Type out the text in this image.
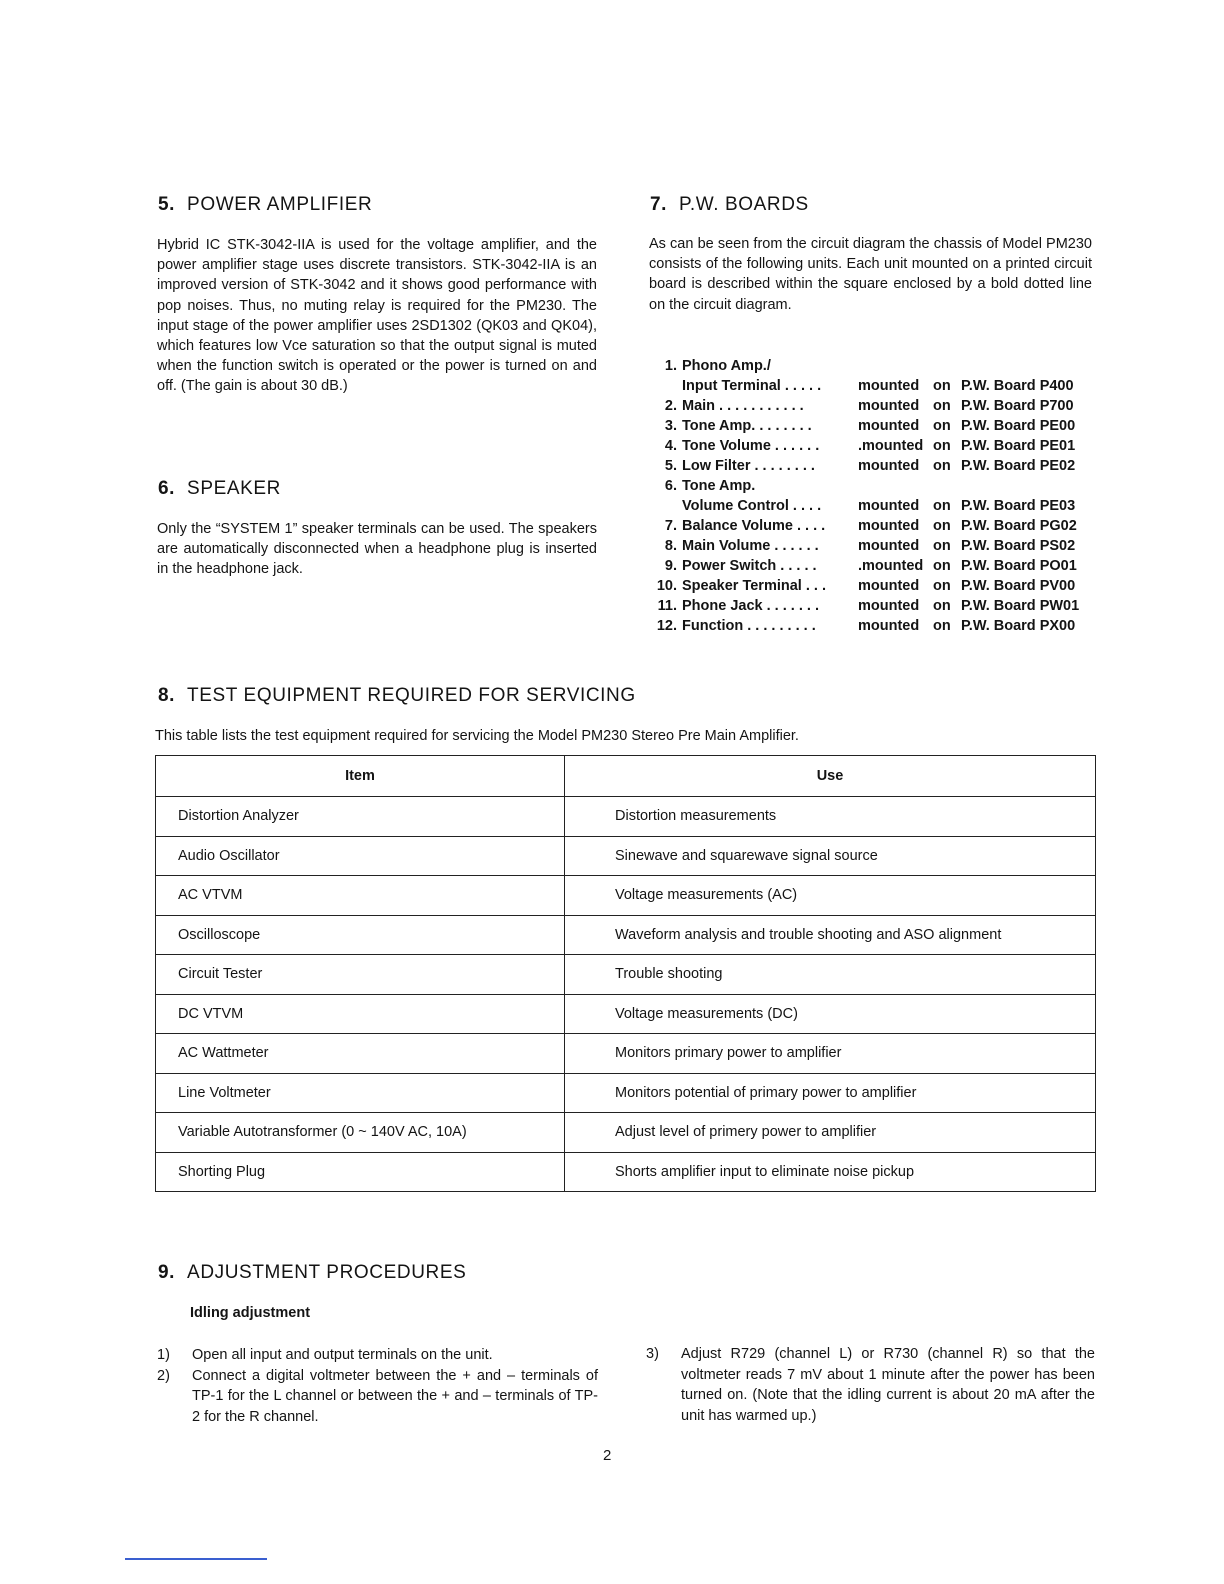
5. POWER AMPLIFIER

Hybrid IC STK-3042-IIA is used for the voltage amplifier, and the power amplifier stage uses discrete transistors. STK-3042-IIA is an improved version of STK-3042 and it shows good performance with pop noises. Thus, no muting relay is required for the PM230. The input stage of the power amplifier uses 2SD1302 (QK03 and QK04), which features low Vce saturation so that the output signal is muted when the function switch is operated or the power is turned on and off. (The gain is about 30 dB.)

6. SPEAKER

Only the “SYSTEM 1” speaker terminals can be used. The speakers are automatically disconnected when a headphone plug is inserted in the headphone jack.

7. P.W. BOARDS

As can be seen from the circuit diagram the chassis of Model PM230 consists of the following units. Each unit mounted on a printed circuit board is described within the square enclosed by a bold dotted line on the circuit diagram.

1. Phono Amp./
Input Terminal . . . . .	mounted on P.W. Board P400
2. Main . . . . . . . . . . .	mounted on P.W. Board P700
3. Tone Amp. . . . . . . .	mounted on P.W. Board PE00
4. Tone Volume . . . . . .	.mounted on P.W. Board PE01
5. Low Filter . . . . . . . .	mounted on P.W. Board PE02
6. Tone Amp.
Volume Control . . . .	mounted on P.W. Board PE03
7. Balance Volume . . . . mounted on P.W. Board PG02
8. Main Volume . . . . . .	mounted on P.W. Board PS02
9. Power Switch . . . . .	.mounted on P.W. Board PO01
10. Speaker Terminal . . . mounted on P.W. Board PV00
11. Phone Jack . . . . . . .	mounted on P.W. Board PW01
12. Function . . . . . . . . .	mounted on P.W. Board PX00
8. TEST EQUIPMENT REQUIRED FOR SERVICING
This table lists the test equipment required for servicing the Model PM230 Stereo Pre Main Amplifier.
Item	Use
Distortion Analyzer	Distortion measurements
Audio Oscillator	Sinewave and squarewave signal source
AC VTVM	Voltage measurements (AC)
Oscilloscope	Waveform analysis and trouble shooting and ASO alignment
Circuit Tester	Trouble shooting
DC VTVM	Voltage measurements (DC)
AC Wattmeter	Monitors primary power to amplifier
Line Voltmeter	Monitors potential of primary power to amplifier
Variable Autotransformer (0 ~ 140V AC, 10A)	Adjust level of primery power to amplifier
Shorting Plug	Shorts amplifier input to eliminate noise pickup
9. ADJUSTMENT PROCEDURES
Idling adjustment
1) Open all input and output terminals on the unit.
2) Connect a digital voltmeter between the + and – terminals of TP-1 for the L channel or between the + and – terminals of TP-2 for the R channel.
3) Adjust R729 (channel L) or R730 (channel R) so that the voltmeter reads 7 mV about 1 minute after the power has been turned on. (Note that the idling current is about 20 mA after the unit has warmed up.)
2
